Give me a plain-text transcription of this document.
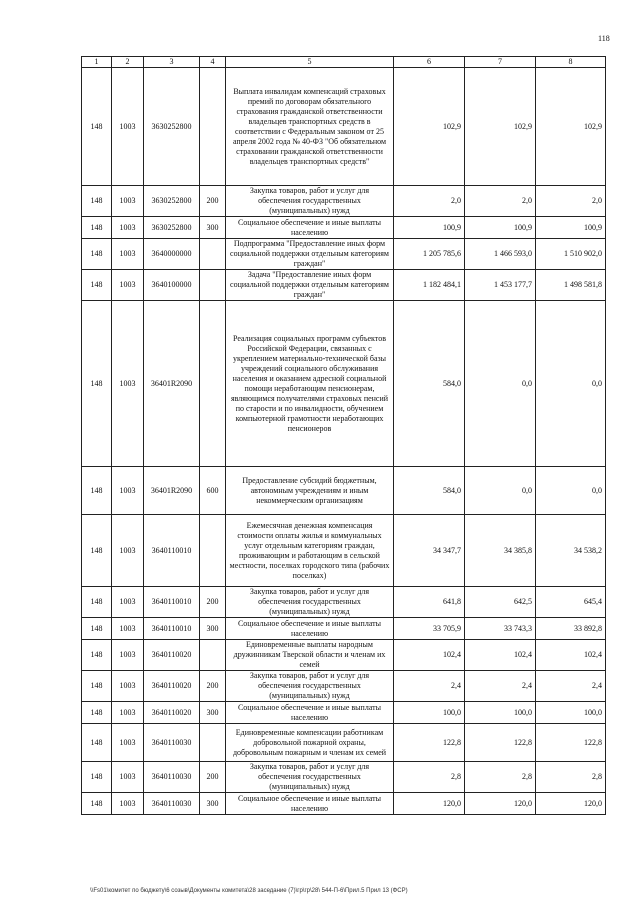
118
1	2	3	4	5	6	7	8
148	1003	3630252800		Выплата инвалидам компенсаций страховых премий по договорам обязательного страхования гражданской ответственности владельцев транспортных средств в соответствии с Федеральным законом от 25 апреля 2002 года № 40-ФЗ "Об обязательном страховании гражданской ответственности владельцев транспортных средств"	102,9	102,9	102,9
148	1003	3630252800	200	Закупка товаров, работ и услуг для обеспечения государственных (муниципальных) нужд	2,0	2,0	2,0
148	1003	3630252800	300	Социальное обеспечение и иные выплаты населению	100,9	100,9	100,9
148	1003	3640000000		Подпрограмма "Предоставление иных форм социальной поддержки отдельным категориям граждан"	1 205 785,6	1 466 593,0	1 510 902,0
148	1003	3640100000		Задача "Предоставление иных форм социальной поддержки отдельным категориям граждан"	1 182 484,1	1 453 177,7	1 498 581,8
148	1003	36401R2090		Реализация социальных программ субъектов Российской Федерации, связанных с укреплением материально-технической базы учреждений социального обслуживания населения и оказанием адресной социальной помощи неработающим пенсионерам, являющимся получателями страховых пенсий по старости и по инвалидности, обучением компьютерной грамотности неработающих пенсионеров	584,0	0,0	0,0
148	1003	36401R2090	600	Предоставление субсидий бюджетным, автономным учреждениям и иным некоммерческим организациям	584,0	0,0	0,0
148	1003	3640110010		Ежемесячная денежная компенсация стоимости оплаты жилья и коммунальных услуг отдельным категориям граждан, проживающим и работающим в сельской местности, поселках городского типа (рабочих поселках)	34 347,7	34 385,8	34 538,2
148	1003	3640110010	200	Закупка товаров, работ и услуг для обеспечения государственных (муниципальных) нужд	641,8	642,5	645,4
148	1003	3640110010	300	Социальное обеспечение и иные выплаты населению	33 705,9	33 743,3	33 892,8
148	1003	3640110020		Единовременные выплаты народным дружинникам Тверской области и членам их семей	102,4	102,4	102,4
148	1003	3640110020	200	Закупка товаров, работ и услуг для обеспечения государственных (муниципальных) нужд	2,4	2,4	2,4
148	1003	3640110020	300	Социальное обеспечение и иные выплаты населению	100,0	100,0	100,0
148	1003	3640110030		Единовременные компенсации работникам добровольной пожарной охраны, добровольным пожарным и членам их семей	122,8	122,8	122,8
148	1003	3640110030	200	Закупка товаров, работ и услуг для обеспечения государственных (муниципальных) нужд	2,8	2,8	2,8
148	1003	3640110030	300	Социальное обеспечение и иные выплаты населению	120,0	120,0	120,0
\\Fs01\комитет по бюджету\6 созыв\Документы комитета\28 заседание (7)\гр\гр\28\ 544-П-6\Прил.5 Прил 13 (ФСР)
